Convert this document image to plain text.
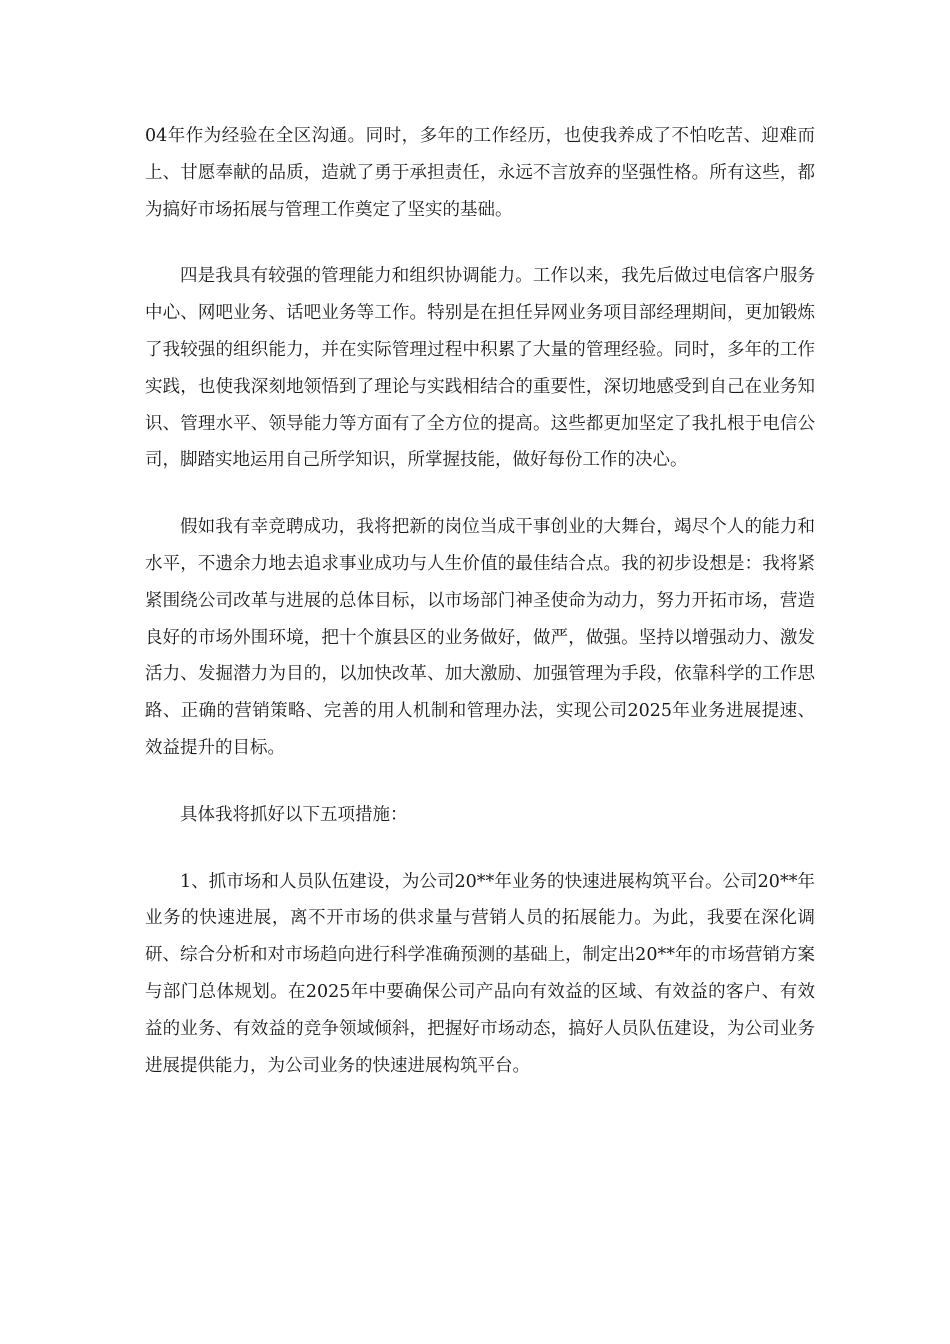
04年作为经验在全区沟通。同时，多年的工作经历，也使我养成了不怕吃苦、迎难而上、甘愿奉献的品质，造就了勇于承担责任，永远不言放弃的坚强性格。所有这些，都为搞好市场拓展与管理工作奠定了坚实的基础。

四是我具有较强的管理能力和组织协调能力。工作以来，我先后做过电信客户服务中心、网吧业务、话吧业务等工作。特别是在担任异网业务项目部经理期间，更加锻炼了我较强的组织能力，并在实际管理过程中积累了大量的管理经验。同时，多年的工作实践，也使我深刻地领悟到了理论与实践相结合的重要性，深切地感受到自己在业务知识、管理水平、领导能力等方面有了全方位的提高。这些都更加坚定了我扎根于电信公司，脚踏实地运用自己所学知识，所掌握技能，做好每份工作的决心。

假如我有幸竞聘成功，我将把新的岗位当成干事创业的大舞台，竭尽个人的能力和水平，不遗余力地去追求事业成功与人生价值的最佳结合点。我的初步设想是：我将紧紧围绕公司改革与进展的总体目标，以市场部门神圣使命为动力，努力开拓市场，营造良好的市场外围环境，把十个旗县区的业务做好，做严，做强。坚持以增强动力、激发活力、发掘潜力为目的，以加快改革、加大激励、加强管理为手段，依靠科学的工作思路、正确的营销策略、完善的用人机制和管理办法，实现公司2025年业务进展提速、效益提升的目标。

具体我将抓好以下五项措施：

1、抓市场和人员队伍建设，为公司20**年业务的快速进展构筑平台。公司20**年业务的快速进展，离不开市场的供求量与营销人员的拓展能力。为此，我要在深化调研、综合分析和对市场趋向进行科学准确预测的基础上，制定出20**年的市场营销方案与部门总体规划。在2025年中要确保公司产品向有效益的区域、有效益的客户、有效益的业务、有效益的竞争领域倾斜，把握好市场动态，搞好人员队伍建设，为公司业务进展提供能力，为公司业务的快速进展构筑平台。
